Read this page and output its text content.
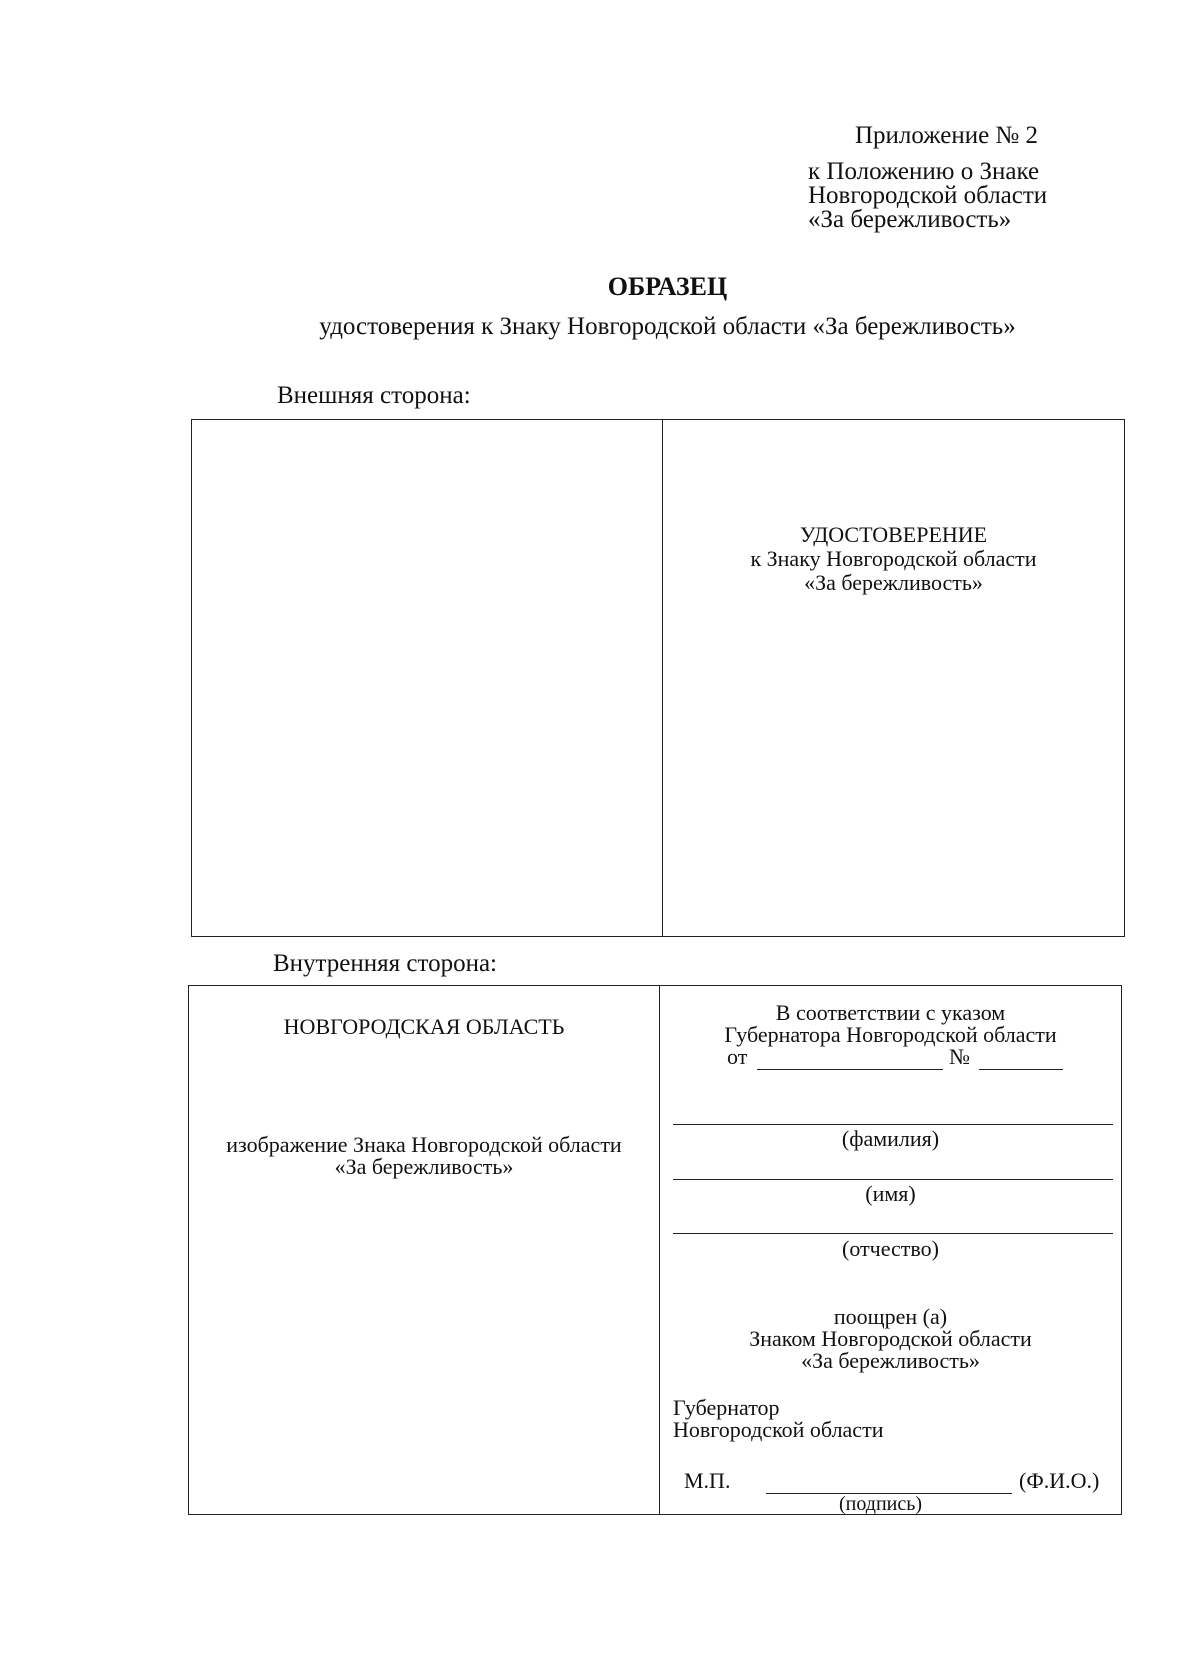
Приложение № 2
к Положению о Знаке
Новгородской области
«За бережливость»
ОБРАЗЕЦ
удостоверения к Знаку Новгородской области «За бережливость»
Внешняя сторона:
УДОСТОВЕРЕНИЕ
к Знаку Новгородской области
«За бережливость»
Внутренняя сторона:
НОВГОРОДСКАЯ ОБЛАСТЬ
изображение Знака Новгородской области
«За бережливость»
В соответствии с указом
Губернатора Новгородской области
от	№
(фамилия)
(имя)
(отчество)
поощрен (а)
Знаком Новгородской области
«За бережливость»
Губернатор
Новгородской области
М.П.	(Ф.И.О.)
(подпись)
